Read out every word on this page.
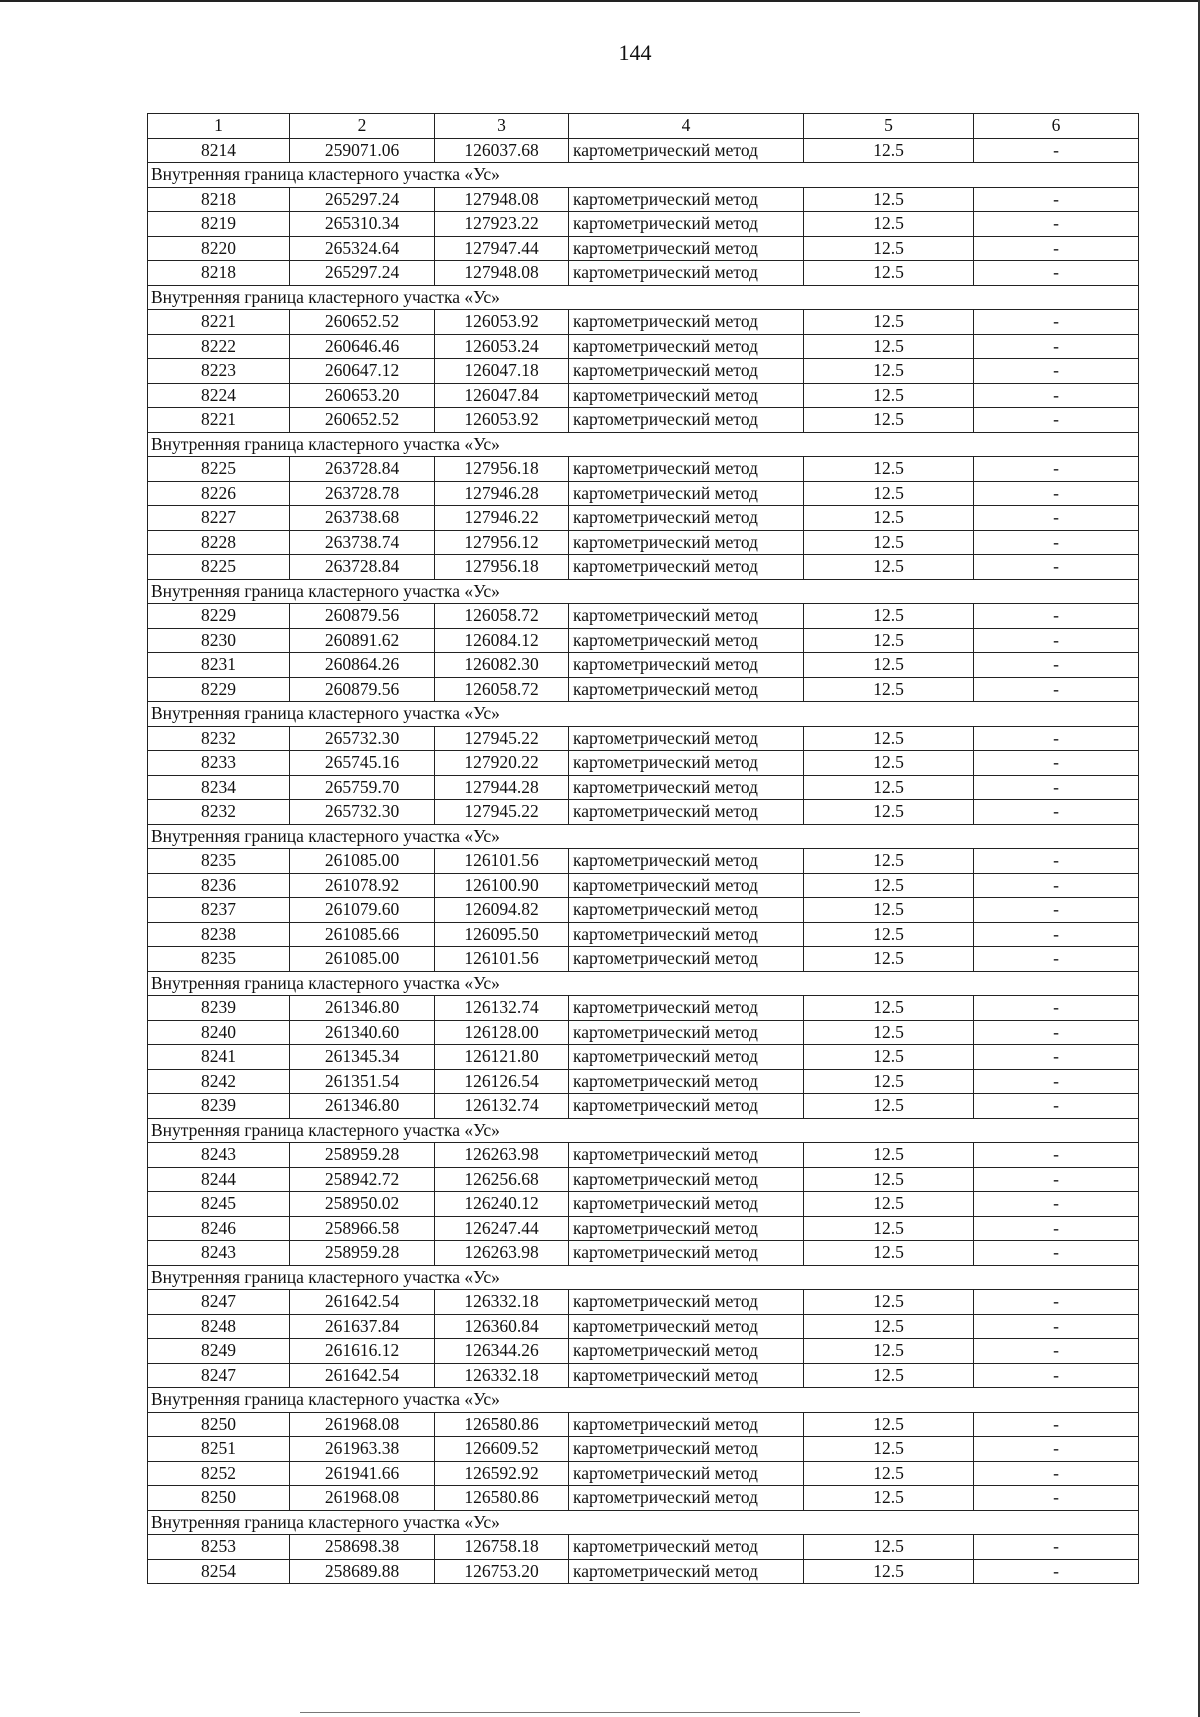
144
1	2	3	4	5	6
8214	259071.06	126037.68	картометрический метод	12.5	-
Внутренняя граница кластерного участка «Ус»					
8218	265297.24	127948.08	картометрический метод	12.5	-
8219	265310.34	127923.22	картометрический метод	12.5	-
8220	265324.64	127947.44	картометрический метод	12.5	-
8218	265297.24	127948.08	картометрический метод	12.5	-
Внутренняя граница кластерного участка «Ус»					
8221	260652.52	126053.92	картометрический метод	12.5	-
8222	260646.46	126053.24	картометрический метод	12.5	-
8223	260647.12	126047.18	картометрический метод	12.5	-
8224	260653.20	126047.84	картометрический метод	12.5	-
8221	260652.52	126053.92	картометрический метод	12.5	-
Внутренняя граница кластерного участка «Ус»					
8225	263728.84	127956.18	картометрический метод	12.5	-
8226	263728.78	127946.28	картометрический метод	12.5	-
8227	263738.68	127946.22	картометрический метод	12.5	-
8228	263738.74	127956.12	картометрический метод	12.5	-
8225	263728.84	127956.18	картометрический метод	12.5	-
Внутренняя граница кластерного участка «Ус»					
8229	260879.56	126058.72	картометрический метод	12.5	-
8230	260891.62	126084.12	картометрический метод	12.5	-
8231	260864.26	126082.30	картометрический метод	12.5	-
8229	260879.56	126058.72	картометрический метод	12.5	-
Внутренняя граница кластерного участка «Ус»					
8232	265732.30	127945.22	картометрический метод	12.5	-
8233	265745.16	127920.22	картометрический метод	12.5	-
8234	265759.70	127944.28	картометрический метод	12.5	-
8232	265732.30	127945.22	картометрический метод	12.5	-
Внутренняя граница кластерного участка «Ус»					
8235	261085.00	126101.56	картометрический метод	12.5	-
8236	261078.92	126100.90	картометрический метод	12.5	-
8237	261079.60	126094.82	картометрический метод	12.5	-
8238	261085.66	126095.50	картометрический метод	12.5	-
8235	261085.00	126101.56	картометрический метод	12.5	-
Внутренняя граница кластерного участка «Ус»					
8239	261346.80	126132.74	картометрический метод	12.5	-
8240	261340.60	126128.00	картометрический метод	12.5	-
8241	261345.34	126121.80	картометрический метод	12.5	-
8242	261351.54	126126.54	картометрический метод	12.5	-
8239	261346.80	126132.74	картометрический метод	12.5	-
Внутренняя граница кластерного участка «Ус»					
8243	258959.28	126263.98	картометрический метод	12.5	-
8244	258942.72	126256.68	картометрический метод	12.5	-
8245	258950.02	126240.12	картометрический метод	12.5	-
8246	258966.58	126247.44	картометрический метод	12.5	-
8243	258959.28	126263.98	картометрический метод	12.5	-
Внутренняя граница кластерного участка «Ус»					
8247	261642.54	126332.18	картометрический метод	12.5	-
8248	261637.84	126360.84	картометрический метод	12.5	-
8249	261616.12	126344.26	картометрический метод	12.5	-
8247	261642.54	126332.18	картометрический метод	12.5	-
Внутренняя граница кластерного участка «Ус»					
8250	261968.08	126580.86	картометрический метод	12.5	-
8251	261963.38	126609.52	картометрический метод	12.5	-
8252	261941.66	126592.92	картометрический метод	12.5	-
8250	261968.08	126580.86	картометрический метод	12.5	-
Внутренняя граница кластерного участка «Ус»					
8253	258698.38	126758.18	картометрический метод	12.5	-
8254	258689.88	126753.20	картометрический метод	12.5	-
